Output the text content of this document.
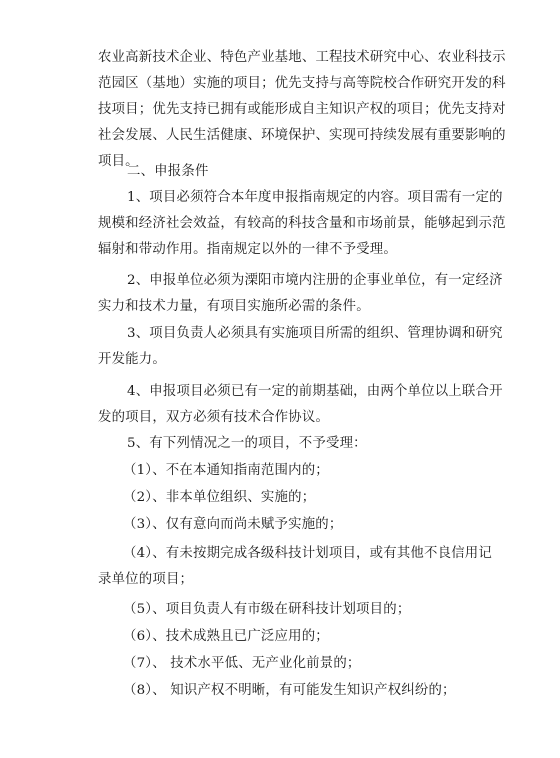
农业高新技术企业、特色产业基地、工程技术研究中心、农业科技示
范园区（基地）实施的项目；优先支持与高等院校合作研究开发的科
技项目；优先支持已拥有或能形成自主知识产权的项目；优先支持对
社会发展、人民生活健康、环境保护、实现可持续发展有重要影响的
项目。
二、申报条件
1、项目必须符合本年度申报指南规定的内容。项目需有一定的
规模和经济社会效益，有较高的科技含量和市场前景，能够起到示范
辐射和带动作用。指南规定以外的一律不予受理。
2、申报单位必须为溧阳市境内注册的企事业单位，有一定经济
实力和技术力量，有项目实施所必需的条件。
3、项目负责人必须具有实施项目所需的组织、管理协调和研究
开发能力。
4、申报项目必须已有一定的前期基础，由两个单位以上联合开
发的项目，双方必须有技术合作协议。
5、有下列情况之一的项目，不予受理：
（1）、不在本通知指南范围内的；
（2）、非本单位组织、实施的；
（3）、仅有意向而尚未赋予实施的；
（4）、有未按期完成各级科技计划项目，或有其他不良信用记
录单位的项目；
（5）、项目负责人有市级在研科技计划项目的；
（6）、技术成熟且已广泛应用的；
（7）、 技术水平低、无产业化前景的；
（8）、 知识产权不明晰，有可能发生知识产权纠纷的；
